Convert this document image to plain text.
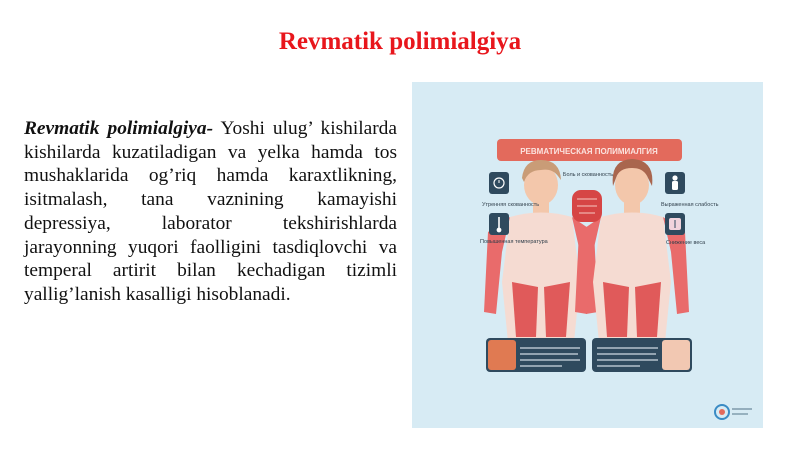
Revmatik polimialgiya

Revmatik polimialgiya- Yoshi ulug’ kishilarda kishilarda kuzatiladigan va yelka hamda tos mushaklarida og’riq hamda karaxtlikning, isitmalash, tana vaznining kamayishi depressiya, laborator tekshirishlarda jarayonning yuqori faolligini tasdiqlovchi va temperal artirit bilan kechadigan tizimli yallig’lanish kasalligi hisoblanadi.

РЕВМАТИЧЕСКАЯ ПОЛИМИАЛГИЯ
Боль и скованность
Утренняя скованность
Повышенная температура
Выраженная слабость
Снижение веса
